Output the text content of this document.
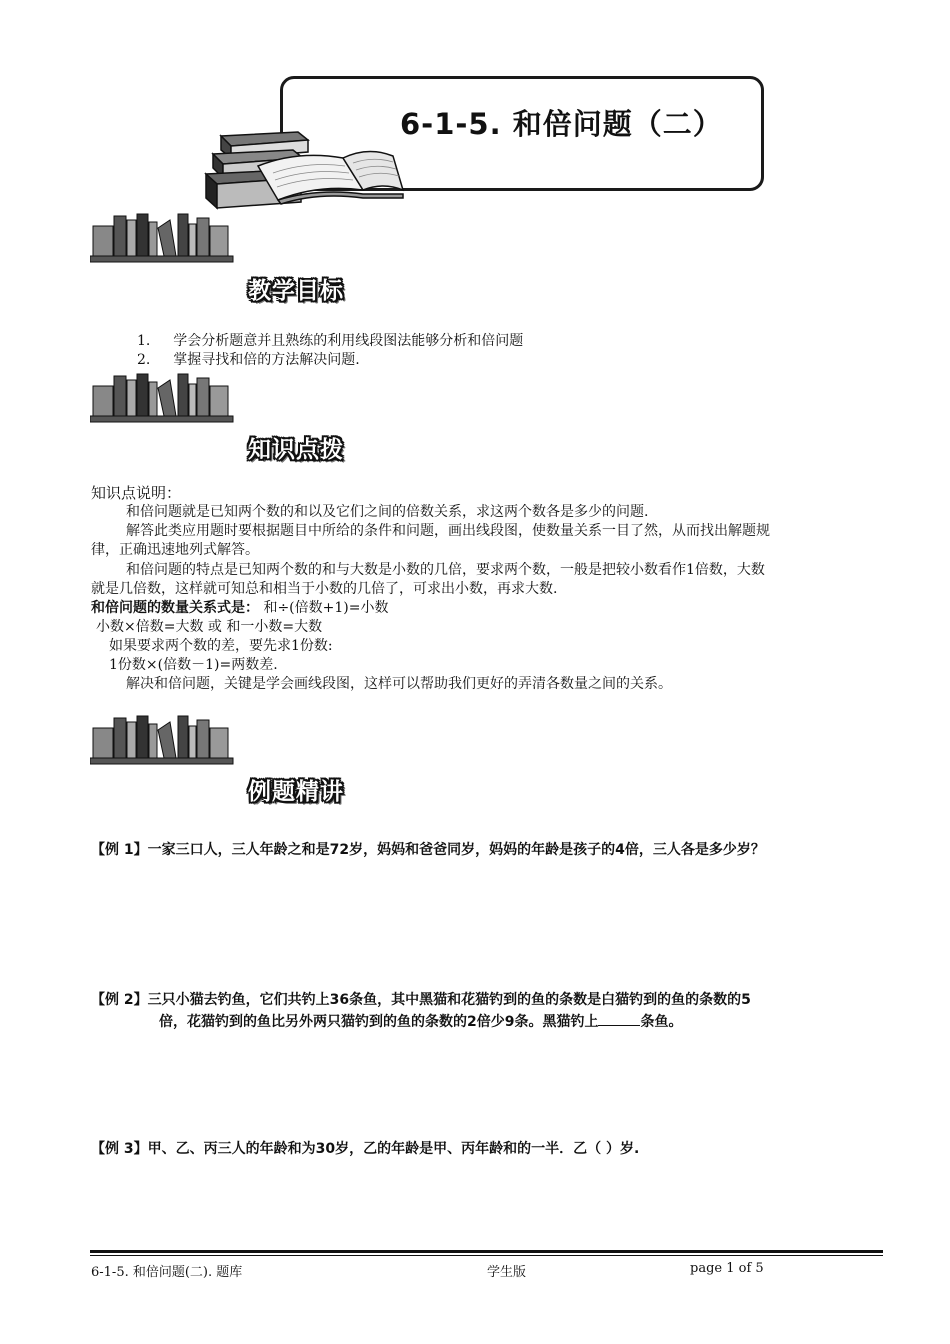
6-1-5. 和倍问题（二）
教学目标
1. 学会分析题意并且熟练的利用线段图法能够分析和倍问题
2. 掌握寻找和倍的方法解决问题.
知识点拨
知识点说明：
和倍问题就是已知两个数的和以及它们之间的倍数关系，求这两个数各是多少的问题.
解答此类应用题时要根据题目中所给的条件和问题，画出线段图，使数量关系一目了然，从而找出解题规
律，正确迅速地列式解答。
和倍问题的特点是已知两个数的和与大数是小数的几倍，要求两个数，一般是把较小数看作1倍数，大数
就是几倍数，这样就可知总和相当于小数的几倍了，可求出小数，再求大数.
和倍问题的数量关系式是： 和÷(倍数+1)=小数
小数×倍数=大数 或 和一小数=大数
如果要求两个数的差，要先求1份数:
1份数×(倍数－1)=两数差.
解决和倍问题，关键是学会画线段图，这样可以帮助我们更好的弄清各数量之间的关系。
例题精讲
【例 1】一家三口人，三人年龄之和是72岁，妈妈和爸爸同岁，妈妈的年龄是孩子的4倍，三人各是多少岁？
【例 2】三只小猫去钓鱼，它们共钓上36条鱼，其中黑猫和花猫钓到的鱼的条数是白猫钓到的鱼的条数的5
倍，花猫钓到的鱼比另外两只猫钓到的鱼的条数的2倍少9条。黑猫钓上	条鱼。
【例 3】甲、乙、丙三人的年龄和为30岁，乙的年龄是甲、丙年龄和的一半．乙（ ）岁.
6-1-5. 和倍问题(二). 题库	学生版	page 1 of 5
